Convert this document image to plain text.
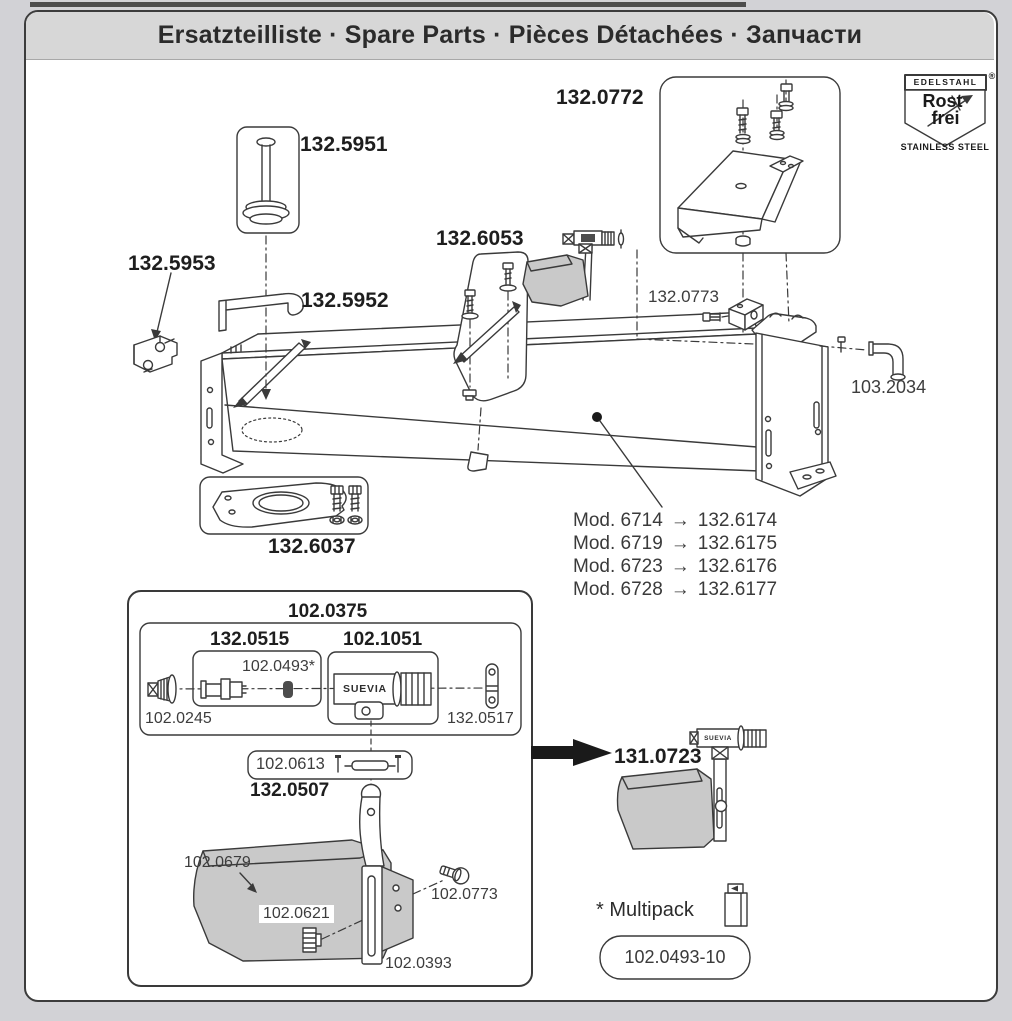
Ersatzteilliste · Spare Parts · Pièces Détachées · Запчасти
132.5951
132.5953
132.5952
132.6053
132.0772
132.0773
103.2034
132.6037
Mod. 6714 → 132.6174
Mod. 6719 → 132.6175
Mod. 6723 → 132.6176
Mod. 6728 → 132.6177
102.0375
132.0515	102.1051
102.0493*
102.0245	132.0517
102.0613
132.0507
102.0679
102.0621
102.0773
102.0393
131.0723
* Multipack
102.0493-10
SUEVIA
SUEVIA
EDELSTAHL
®
Rost
frei
STAINLESS STEEL
